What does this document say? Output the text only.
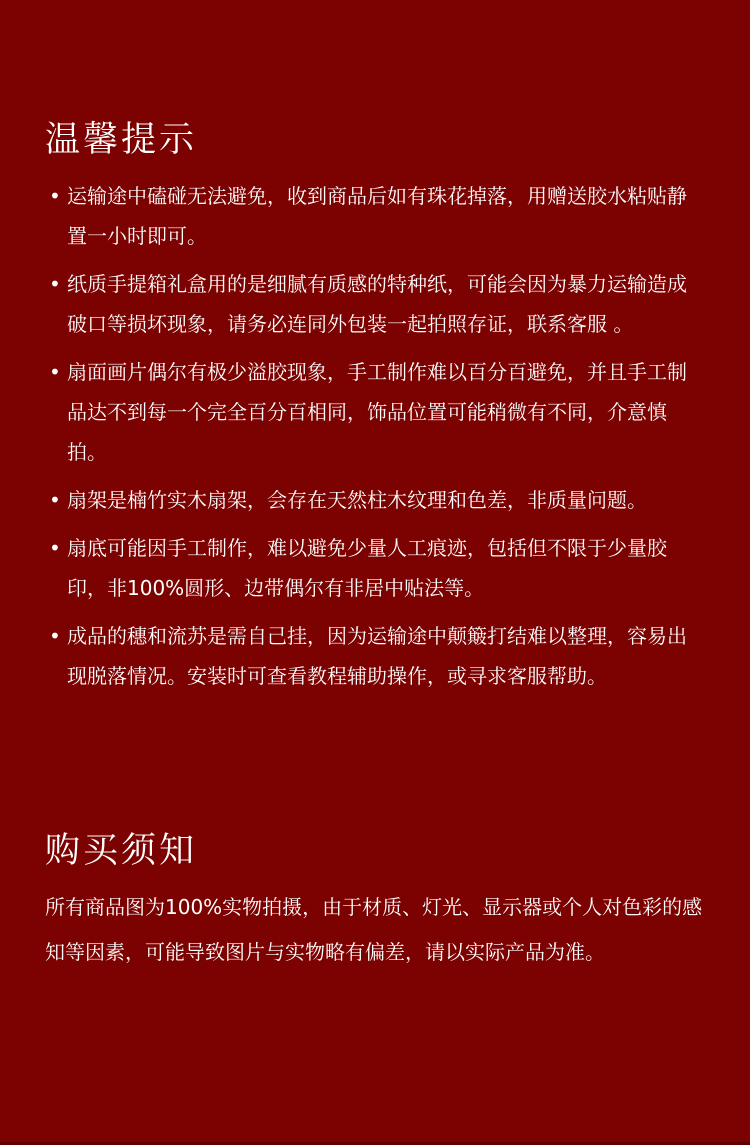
温馨提示
• 运输途中磕碰无法避免，收到商品后如有珠花掉落，用赠送胶水粘贴静置一小时即可。
• 纸质手提箱礼盒用的是细腻有质感的特种纸，可能会因为暴力运输造成破口等损坏现象，请务必连同外包装一起拍照存证，联系客服 。
• 扇面画片偶尔有极少溢胶现象，手工制作难以百分百避免，并且手工制品达不到每一个完全百分百相同，饰品位置可能稍微有不同，介意慎拍。
• 扇架是楠竹实木扇架，会存在天然柱木纹理和色差，非质量问题。
• 扇底可能因手工制作，难以避免少量人工痕迹，包括但不限于少量胶印，非100%圆形、边带偶尔有非居中贴法等。
• 成品的穗和流苏是需自己挂，因为运输途中颠簸打结难以整理，容易出现脱落情况。安装时可查看教程辅助操作，或寻求客服帮助。
购买须知

所有商品图为100%实物拍摄，由于材质、灯光、显示器或个人对色彩的感知等因素，可能导致图片与实物略有偏差，请以实际产品为准。
